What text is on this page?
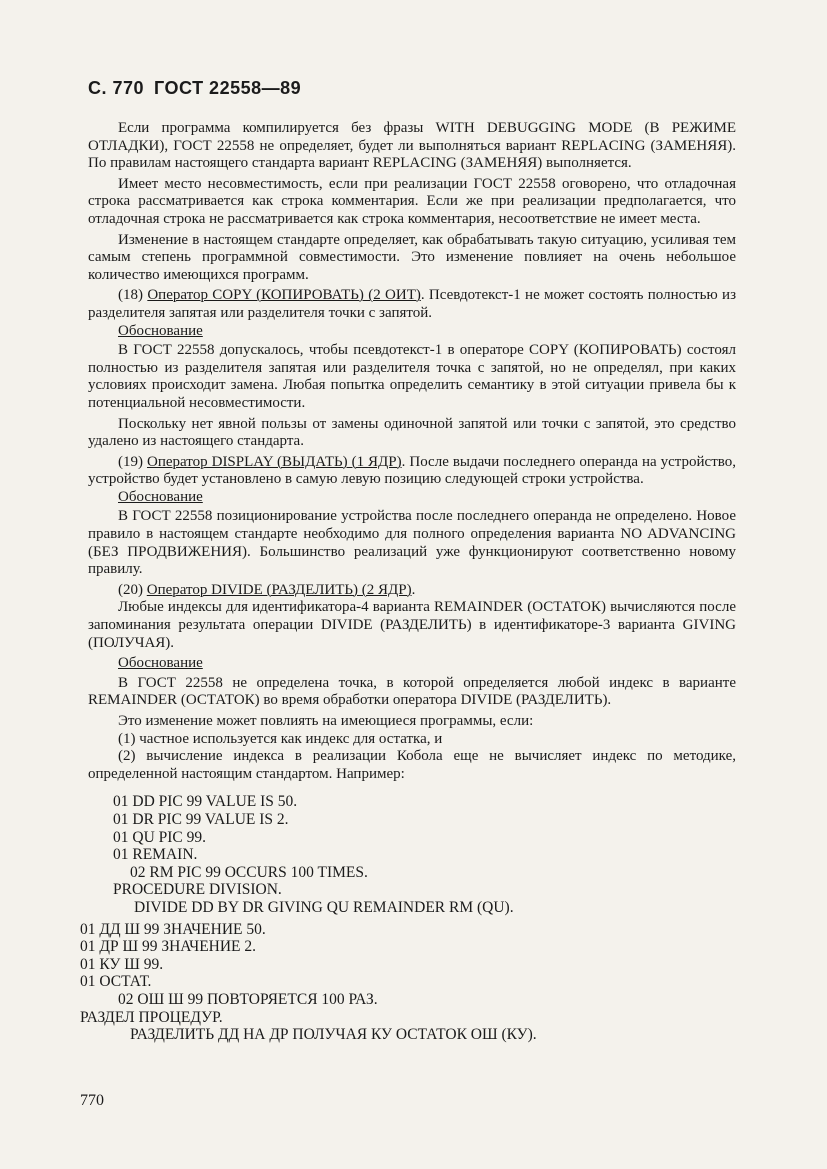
С. 770 ГОСТ 22558—89

Если программа компилируется без фразы WITH DEBUGGING MODE (В РЕЖИМЕ ОТЛАДКИ), ГОСТ 22558 не определяет, будет ли выполняться вариант REPLACING (ЗАМЕНЯЯ). По правилам настоящего стандарта вариант REPLACING (ЗАМЕНЯЯ) выполняется.

Имеет место несовместимость, если при реализации ГОСТ 22558 оговорено, что отладочная строка рассматривается как строка комментария. Если же при реализации предполагается, что отладочная строка не рассматривается как строка комментария, несоответствие не имеет места.

Изменение в настоящем стандарте определяет, как обрабатывать такую ситуацию, усиливая тем самым степень программной совместимости. Это изменение повлияет на очень небольшое количество имеющихся программ.

(18) Оператор COPY (КОПИРОВАТЬ) (2 ОИТ). Псевдотекст-1 не может состоять полностью из разделителя запятая или разделителя точки с запятой.

Обоснование

В ГОСТ 22558 допускалось, чтобы псевдотекст-1 в операторе COPY (КОПИРОВАТЬ) состоял полностью из разделителя запятая или разделителя точка с запятой, но не определял, при каких условиях происходит замена. Любая попытка определить семантику в этой ситуации привела бы к потенциальной несовместимости.

Поскольку нет явной пользы от замены одиночной запятой или точки с запятой, это средство удалено из настоящего стандарта.

(19) Оператор DISPLAY (ВЫДАТЬ) (1 ЯДР). После выдачи последнего операнда на устройство, устройство будет установлено в самую левую позицию следующей строки устройства.

Обоснование

В ГОСТ 22558 позиционирование устройства после последнего операнда не определено. Новое правило в настоящем стандарте необходимо для полного определения варианта NO ADVANCING (БЕЗ ПРОДВИЖЕНИЯ). Большинство реализаций уже функционируют соответственно новому правилу.

(20) Оператор DIVIDE (РАЗДЕЛИТЬ) (2 ЯДР).

Любые индексы для идентификатора-4 варианта REMAINDER (ОСТАТОК) вычисляются после запоминания результата операции DIVIDE (РАЗДЕЛИТЬ) в идентификаторе-3 варианта GIVING (ПОЛУЧАЯ).

Обоснование

В ГОСТ 22558 не определена точка, в которой определяется любой индекс в варианте REMAINDER (ОСТАТОК) во время обработки оператора DIVIDE (РАЗДЕЛИТЬ).

Это изменение может повлиять на имеющиеся программы, если:

(1) частное используется как индекс для остатка, и

(2) вычисление индекса в реализации Кобола еще не вычисляет индекс по методике, определенной настоящим стандартом. Например:

01 DD PIC 99 VALUE IS 50.
01 DR PIC 99 VALUE IS 2.
01 QU PIC 99.
01 REMAIN.
02 RM PIC 99 OCCURS 100 TIMES.
PROCEDURE DIVISION.
DIVIDE DD BY DR GIVING QU REMAINDER RM (QU).
01 ДД Ш 99 ЗНАЧЕНИЕ 50.
01 ДР Ш 99 ЗНАЧЕНИЕ 2.
01 КУ Ш 99.
01 ОСТАТ.
02 ОШ Ш 99 ПОВТОРЯЕТСЯ 100 РАЗ.
РАЗДЕЛ ПРОЦЕДУР.
РАЗДЕЛИТЬ ДД НА ДР ПОЛУЧАЯ КУ ОСТАТОК ОШ (КУ).
770
